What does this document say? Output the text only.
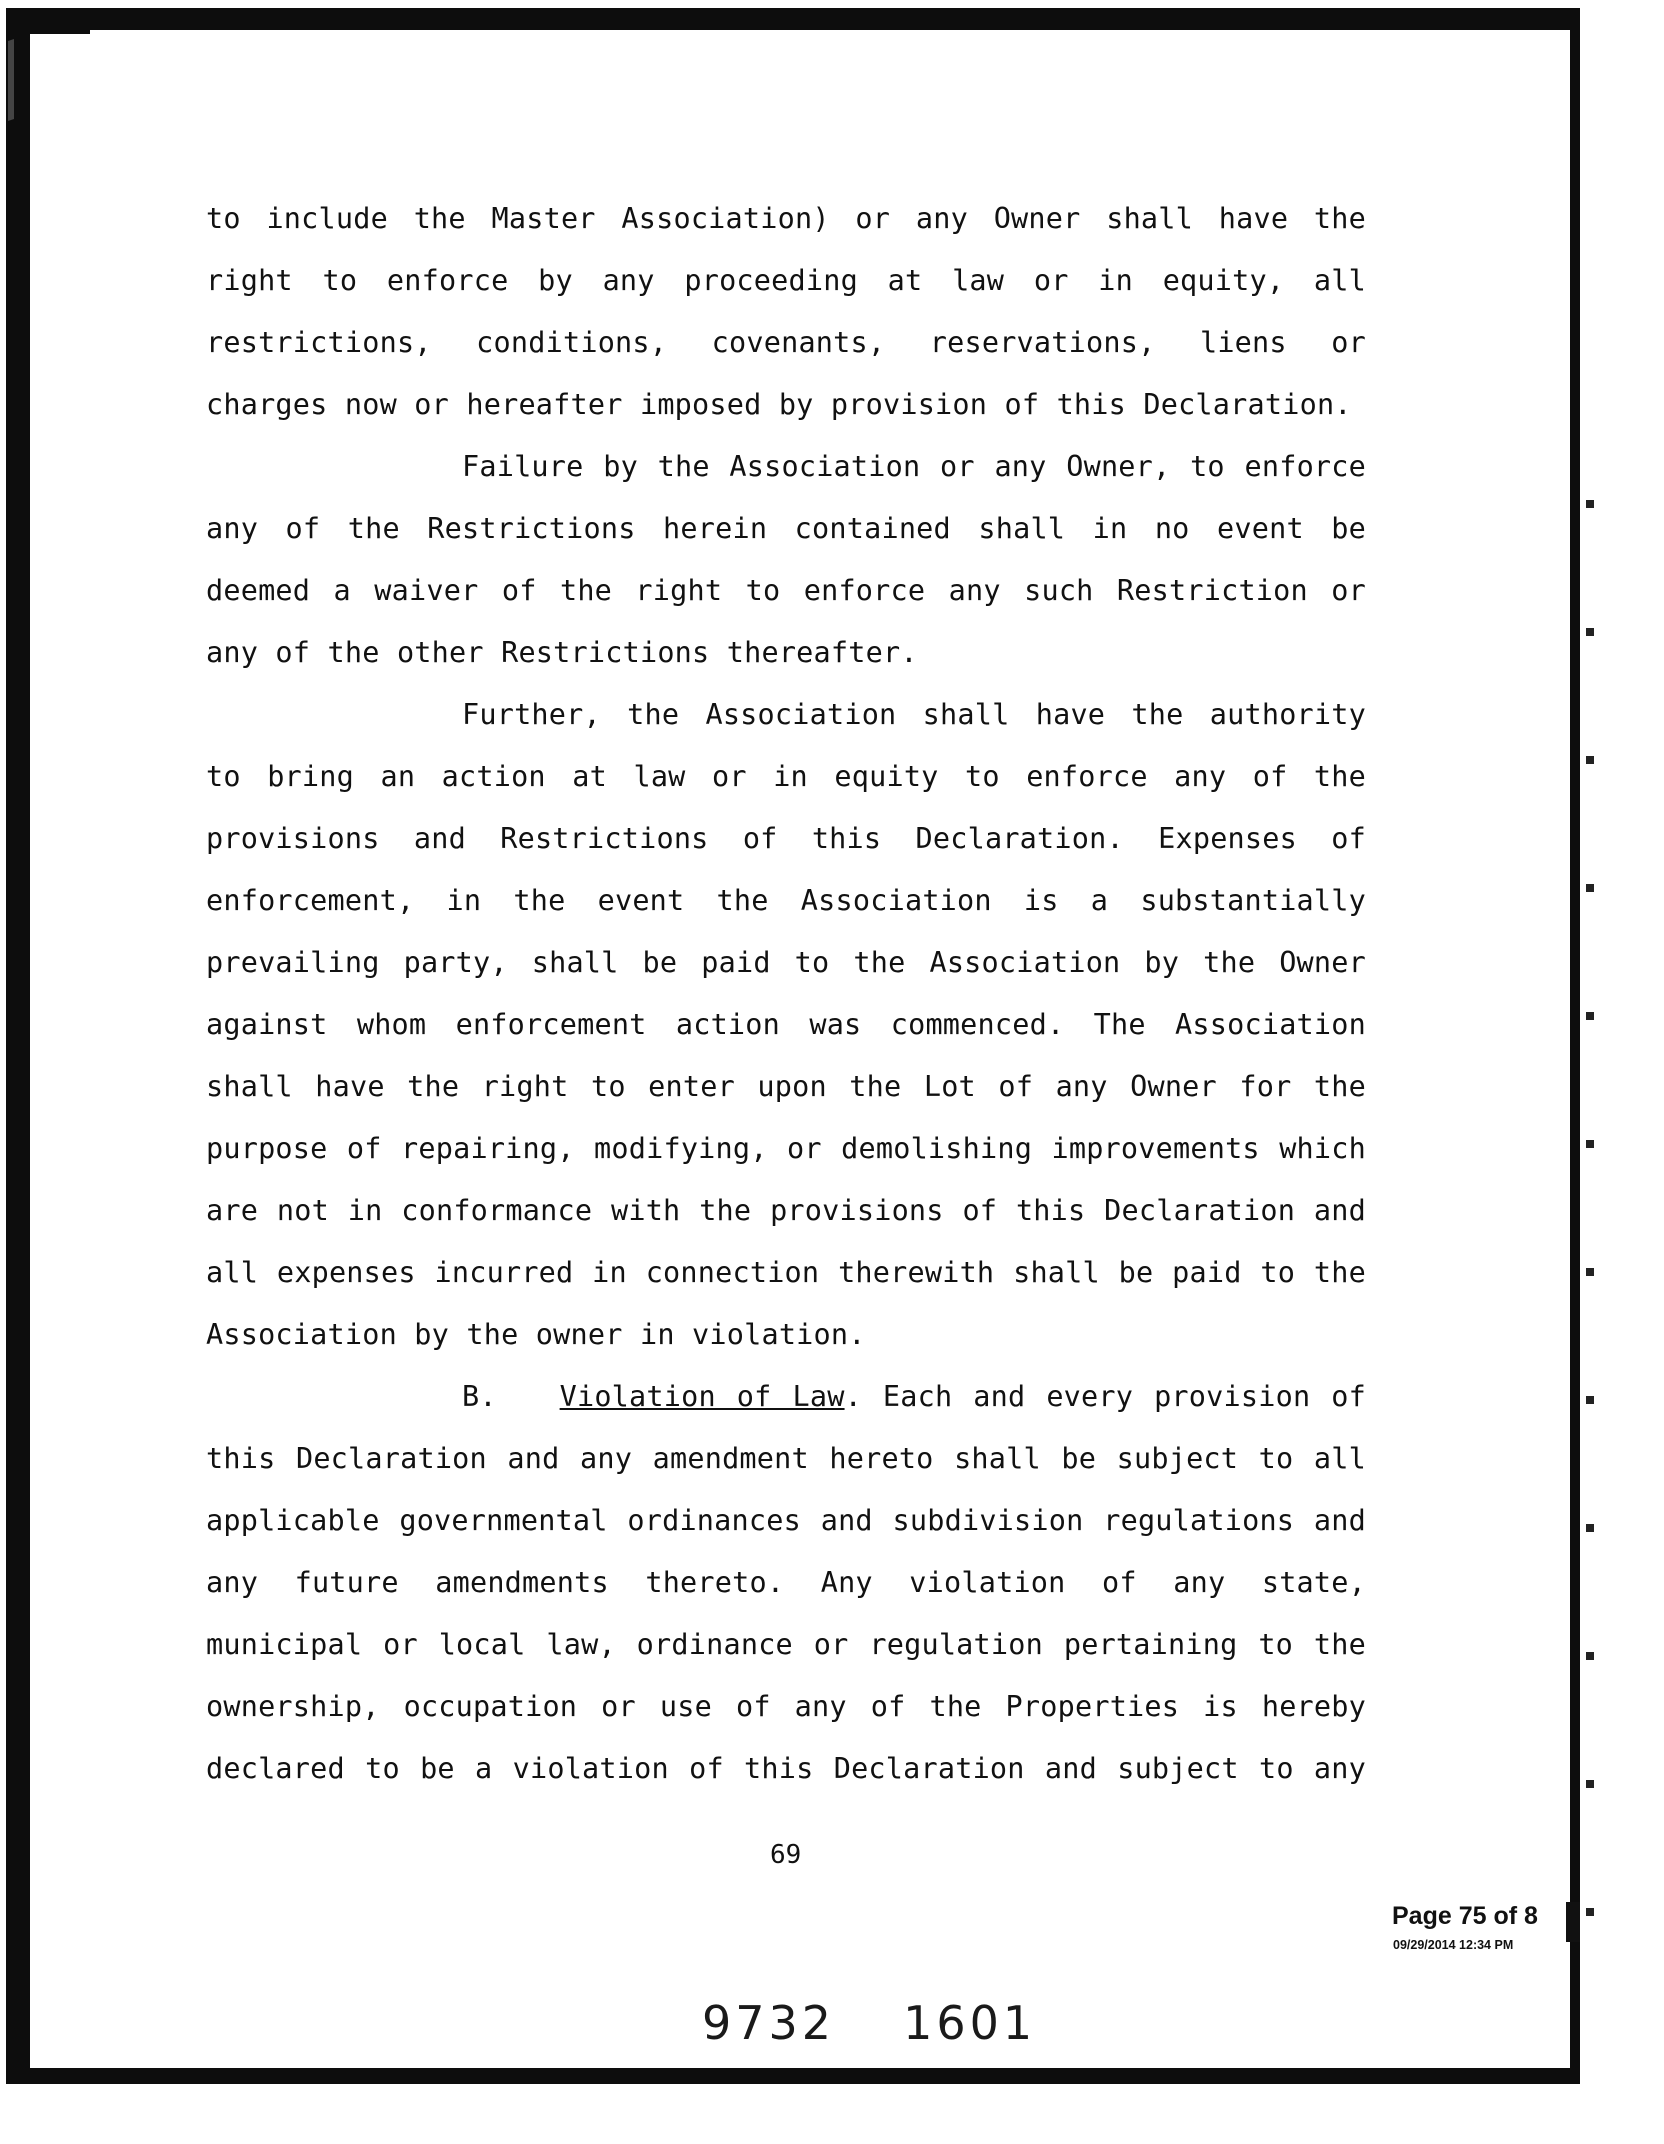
to include the Master Association) or any Owner shall have the
right to enforce by any proceeding at law or in equity, all
restrictions, conditions, covenants, reservations, liens or
charges now or hereafter imposed by provision of this Declaration.
Failure by the Association or any Owner, to enforce
any of the Restrictions herein contained shall in no event be
deemed a waiver of the right to enforce any such Restriction or
any of the other Restrictions thereafter.
Further, the Association shall have the authority
to bring an action at law or in equity to enforce any of the
provisions and Restrictions of this Declaration. Expenses of
enforcement, in the event the Association is a substantially
prevailing party, shall be paid to the Association by the Owner
against whom enforcement action was commenced. The Association
shall have the right to enter upon the Lot of any Owner for the
purpose of repairing, modifying, or demolishing improvements which
are not in conformance with the provisions of this Declaration and
all expenses incurred in connection therewith shall be paid to the
Association by the owner in violation.
B. Violation of Law. Each and every provision of
this Declaration and any amendment hereto shall be subject to all
applicable governmental ordinances and subdivision regulations and
any future amendments thereto. Any violation of any state,
municipal or local law, ordinance or regulation pertaining to the
ownership, occupation or use of any of the Properties is hereby
declared to be a violation of this Declaration and subject to any
69
Page 75 of 8
09/29/2014 12:34 PM
9732 1601
